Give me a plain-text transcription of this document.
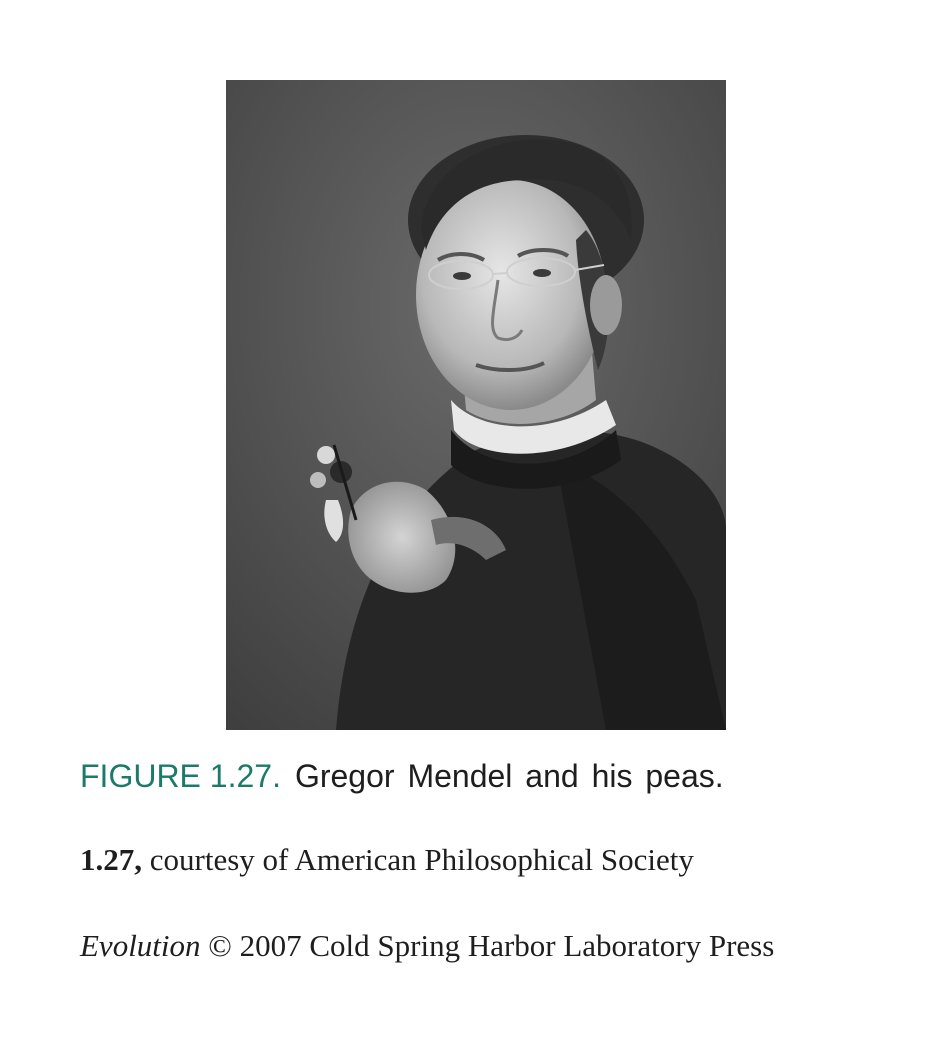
FIGURE 1.27. Gregor Mendel and his peas.
1.27, courtesy of American Philosophical Society
Evolution © 2007 Cold Spring Harbor Laboratory Press
